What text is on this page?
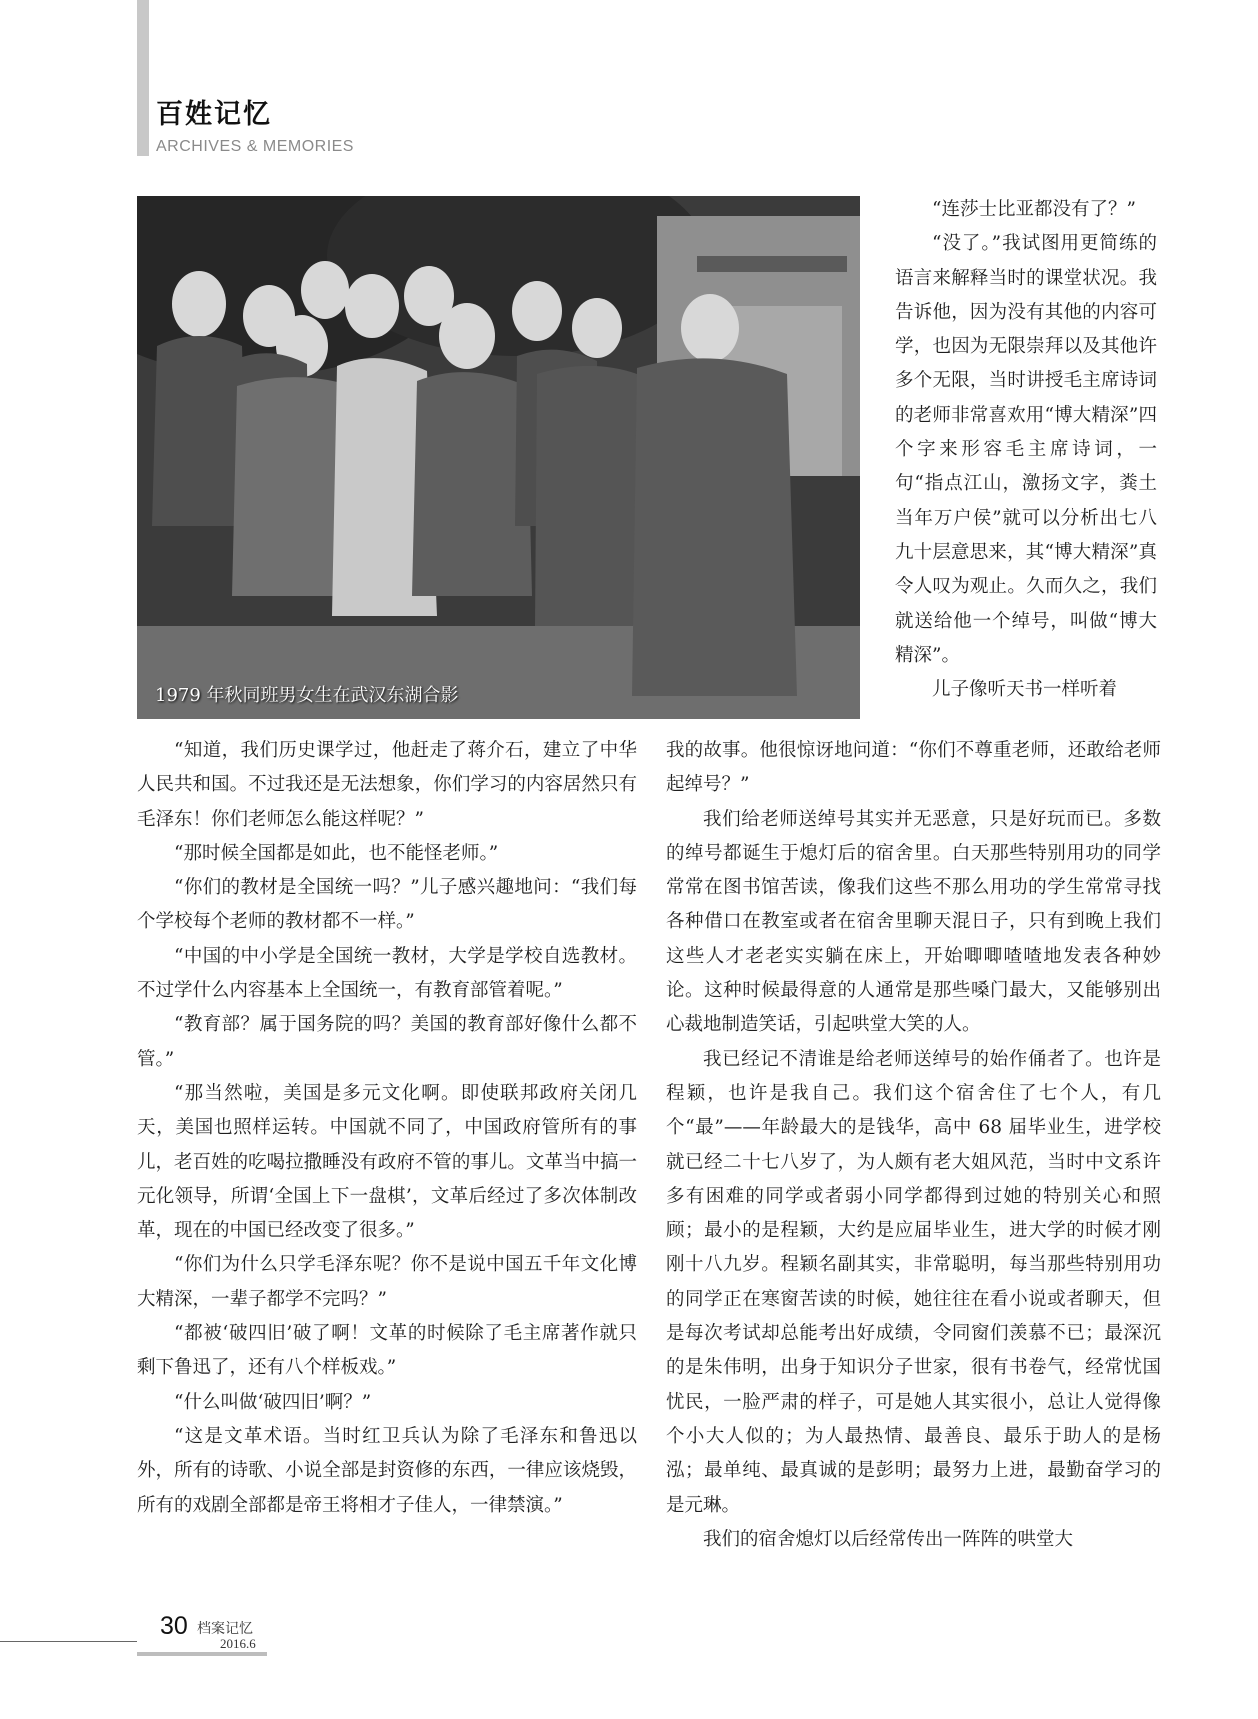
百姓记忆
ARCHIVES & MEMORIES
1979 年秋同班男女生在武汉东湖合影

“连莎士比亚都没有了？”

“没了。”我试图用更简练的语言来解释当时的课堂状况。我告诉他，因为没有其他的内容可学，也因为无限崇拜以及其他许多个无限，当时讲授毛主席诗词的老师非常喜欢用“博大精深”四个字来形容毛主席诗词，一句“指点江山，激扬文字，粪土当年万户侯”就可以分析出七八九十层意思来，其“博大精深”真令人叹为观止。久而久之，我们就送给他一个绰号，叫做“博大精深”。

儿子像听天书一样听着

“知道，我们历史课学过，他赶走了蒋介石，建立了中华人民共和国。不过我还是无法想象，你们学习的内容居然只有毛泽东！你们老师怎么能这样呢？”

“那时候全国都是如此，也不能怪老师。”

“你们的教材是全国统一吗？”儿子感兴趣地问：“我们每个学校每个老师的教材都不一样。”

“中国的中小学是全国统一教材，大学是学校自选教材。不过学什么内容基本上全国统一，有教育部管着呢。”

“教育部？属于国务院的吗？美国的教育部好像什么都不管。”

“那当然啦，美国是多元文化啊。即使联邦政府关闭几天，美国也照样运转。中国就不同了，中国政府管所有的事儿，老百姓的吃喝拉撒睡没有政府不管的事儿。文革当中搞一元化领导，所谓‘全国上下一盘棋’，文革后经过了多次体制改革，现在的中国已经改变了很多。”

“你们为什么只学毛泽东呢？你不是说中国五千年文化博大精深，一辈子都学不完吗？”

“都被‘破四旧’破了啊！文革的时候除了毛主席著作就只剩下鲁迅了，还有八个样板戏。”

“什么叫做‘破四旧’啊？”

“这是文革术语。当时红卫兵认为除了毛泽东和鲁迅以外，所有的诗歌、小说全部是封资修的东西，一律应该烧毁，所有的戏剧全部都是帝王将相才子佳人，一律禁演。”

我的故事。他很惊讶地问道：“你们不尊重老师，还敢给老师起绰号？”

我们给老师送绰号其实并无恶意，只是好玩而已。多数的绰号都诞生于熄灯后的宿舍里。白天那些特别用功的同学常常在图书馆苦读，像我们这些不那么用功的学生常常寻找各种借口在教室或者在宿舍里聊天混日子，只有到晚上我们这些人才老老实实躺在床上，开始唧唧喳喳地发表各种妙论。这种时候最得意的人通常是那些嗓门最大，又能够别出心裁地制造笑话，引起哄堂大笑的人。

我已经记不清谁是给老师送绰号的始作俑者了。也许是程颖，也许是我自己。我们这个宿舍住了七个人，有几个“最”——年龄最大的是钱华，高中 68 届毕业生，进学校就已经二十七八岁了，为人颇有老大姐风范，当时中文系许多有困难的同学或者弱小同学都得到过她的特别关心和照顾；最小的是程颖，大约是应届毕业生，进大学的时候才刚刚十八九岁。程颖名副其实，非常聪明，每当那些特别用功的同学正在寒窗苦读的时候，她往往在看小说或者聊天，但是每次考试却总能考出好成绩，令同窗们羡慕不已；最深沉的是朱伟明，出身于知识分子世家，很有书卷气，经常忧国忧民，一脸严肃的样子，可是她人其实很小，总让人觉得像个小大人似的；为人最热情、最善良、最乐于助人的是杨泓；最单纯、最真诚的是彭明；最努力上进，最勤奋学习的是元琳。

我们的宿舍熄灯以后经常传出一阵阵的哄堂大

30 档案记忆
2016.6
